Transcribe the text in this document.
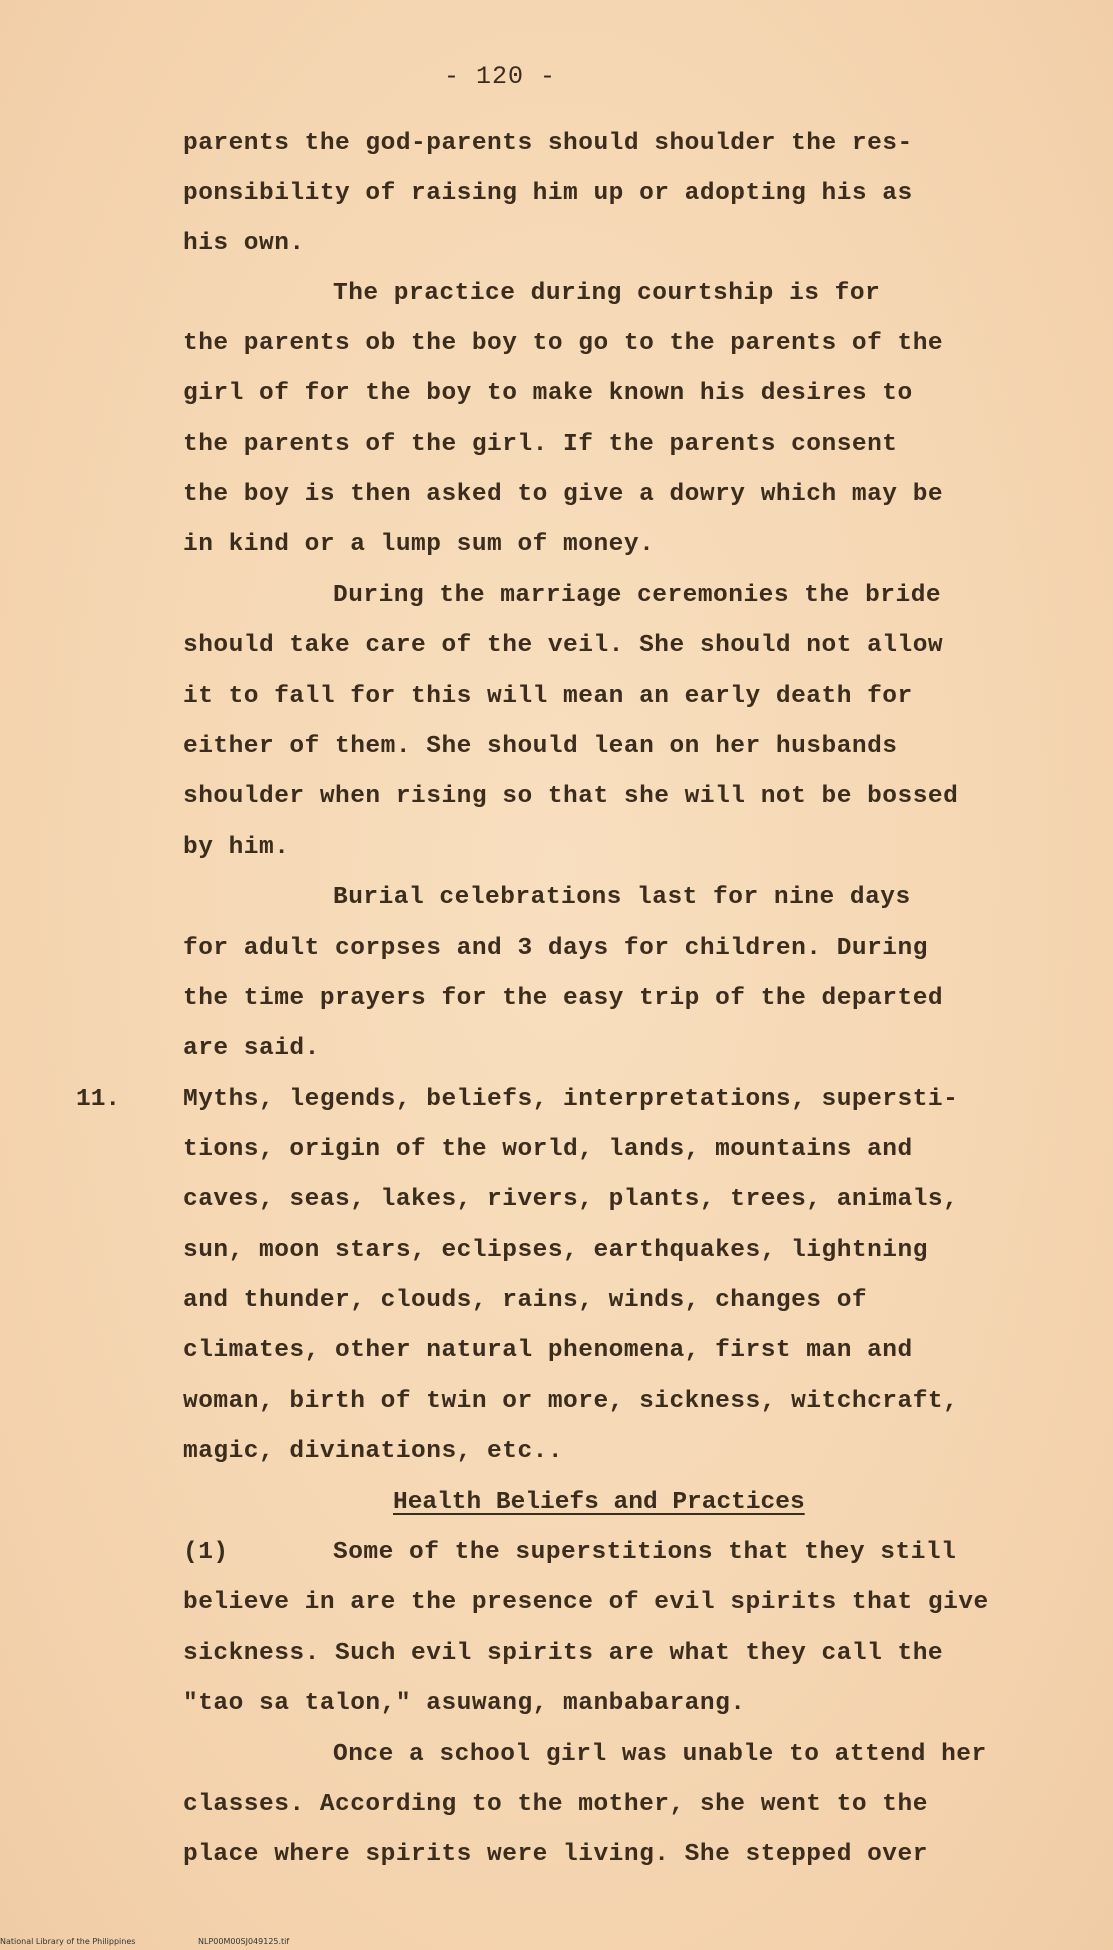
- 120 -
parents the god-parents should shoulder the res-
ponsibility of raising him up or adopting his as
his own.
The practice during courtship is for
the parents ob the boy to go to the parents of the
girl of for the boy to make known his desires to
the parents of the girl. If the parents consent
the boy is then asked to give a dowry which may be
in kind or a lump sum of money.
During the marriage ceremonies the bride
should take care of the veil. She should not allow
it to fall for this will mean an early death for
either of them. She should lean on her husbands
shoulder when rising so that she will not be bossed
by him.
Burial celebrations last for nine days
for adult corpses and 3 days for children. During
the time prayers for the easy trip of the departed
are said.
11.	Myths, legends, beliefs, interpretations, supersti-
tions, origin of the world, lands, mountains and
caves, seas, lakes, rivers, plants, trees, animals,
sun, moon stars, eclipses, earthquakes, lightning
and thunder, clouds, rains, winds, changes of
climates, other natural phenomena, first man and
woman, birth of twin or more, sickness, witchcraft,
magic, divinations, etc..
Health Beliefs and Practices
(1)	Some of the superstitions that they still
believe in are the presence of evil spirits that give
sickness. Such evil spirits are what they call the
"tao sa talon," asuwang, manbabarang.
Once a school girl was unable to attend her
classes. According to the mother, she went to the
place where spirits were living. She stepped over
National Library of the Philippines	NLP00M00SJ049125.tif
